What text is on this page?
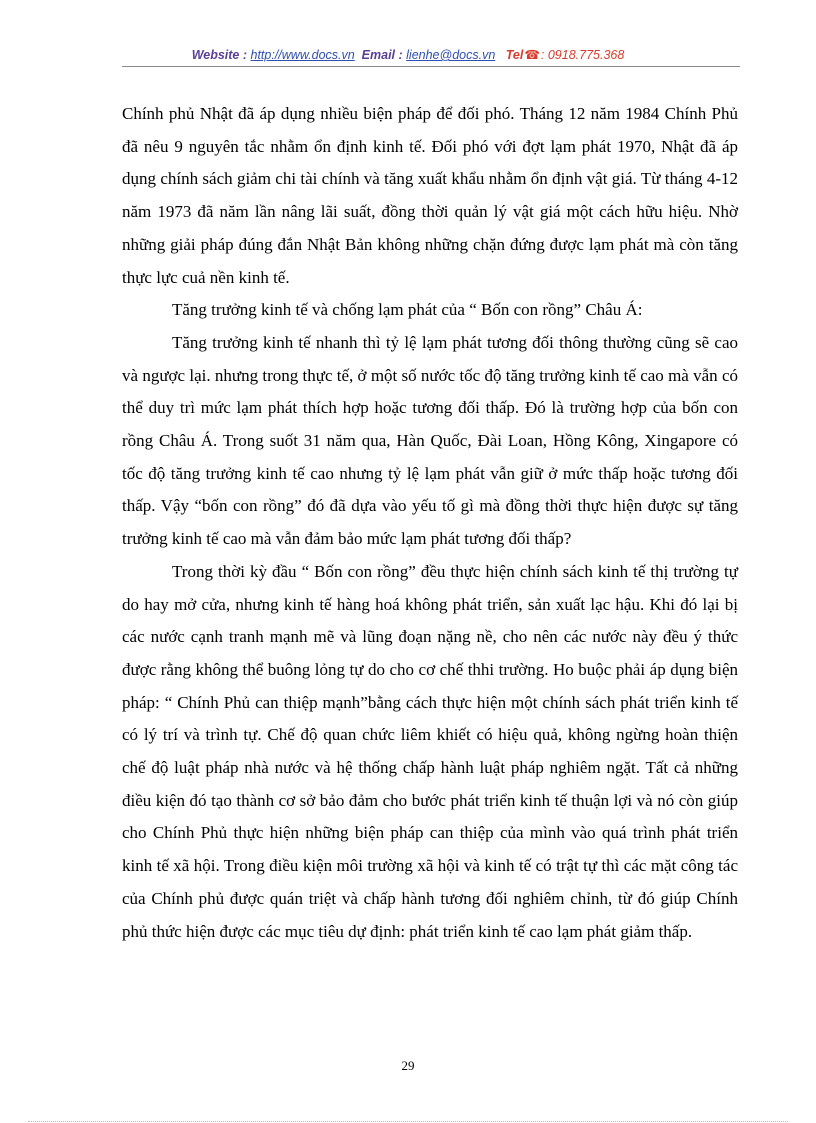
Website : http://www.docs.vn Email : lienhe@docs.vn Tel☎: 0918.775.368

Chính phủ Nhật đã áp dụng nhiều biện pháp để đối phó. Tháng 12 năm 1984 Chính Phủ đã nêu 9 nguyên tắc nhằm ổn định kinh tế. Đối phó với đợt lạm phát 1970, Nhật đã áp dụng chính sách giảm chi tài chính và tăng xuất khẩu nhằm ổn định vật giá. Từ tháng 4-12 năm 1973 đã năm lần nâng lãi suất, đồng thời quản lý vật giá một cách hữu hiệu. Nhờ những giải pháp đúng đắn Nhật Bản không những chặn đứng được lạm phát mà còn tăng thực lực cuả nền kinh tế.

Tăng trưởng kinh tế và chống lạm phát của “ Bốn con rồng” Châu Á:

Tăng trưởng kinh tế nhanh thì tỷ lệ lạm phát tương đối thông thường cũng sẽ cao và ngược lại. nhưng trong thực tế, ở một số nước tốc độ tăng trưởng kinh tế cao mà vẫn có thể duy trì mức lạm phát thích hợp hoặc tương đối thấp. Đó là trường hợp của bốn con rồng Châu Á. Trong suốt 31 năm qua, Hàn Quốc, Đài Loan, Hồng Kông, Xingapore có tốc độ tăng trưởng kinh tế cao nhưng tỷ lệ lạm phát vẫn giữ ở mức thấp hoặc tương đối thấp. Vậy “bốn con rồng” đó đã dựa vào yếu tố gì mà đồng thời thực hiện được sự tăng trưởng kinh tế cao mà vẫn đảm bảo mức lạm phát tương đối thấp?

Trong thời kỳ đầu “ Bốn con rồng” đều thực hiện chính sách kinh tế thị trường tự do hay mở cửa, nhưng kinh tế hàng hoá không phát triển, sản xuất lạc hậu. Khi đó lại bị các nước cạnh tranh mạnh mẽ và lũng đoạn nặng nề, cho nên các nước này đều ý thức được rằng không thể buông lỏng tự do cho cơ chế thhi trường. Ho buộc phải áp dụng biện pháp: “ Chính Phủ can thiệp mạnh”bằng cách thực hiện một chính sách phát triển kinh tế có lý trí và trình tự. Chế độ quan chức liêm khiết có hiệu quả, không ngừng hoàn thiện chế độ luật pháp nhà nước và hệ thống chấp hành luật pháp nghiêm ngặt. Tất cả những điều kiện đó tạo thành cơ sở bảo đảm cho bước phát triển kinh tế thuận lợi và nó còn giúp cho Chính Phủ thực hiện những biện pháp can thiệp của mình vào quá trình phát triển kinh tế xã hội. Trong điều kiện môi trường xã hội và kinh tế có trật tự thì các mặt công tác của Chính phủ được quán triệt và chấp hành tương đối nghiêm chỉnh, từ đó giúp Chính phủ thức hiện được các mục tiêu dự định: phát triển kinh tế cao lạm phát giảm thấp.

29
